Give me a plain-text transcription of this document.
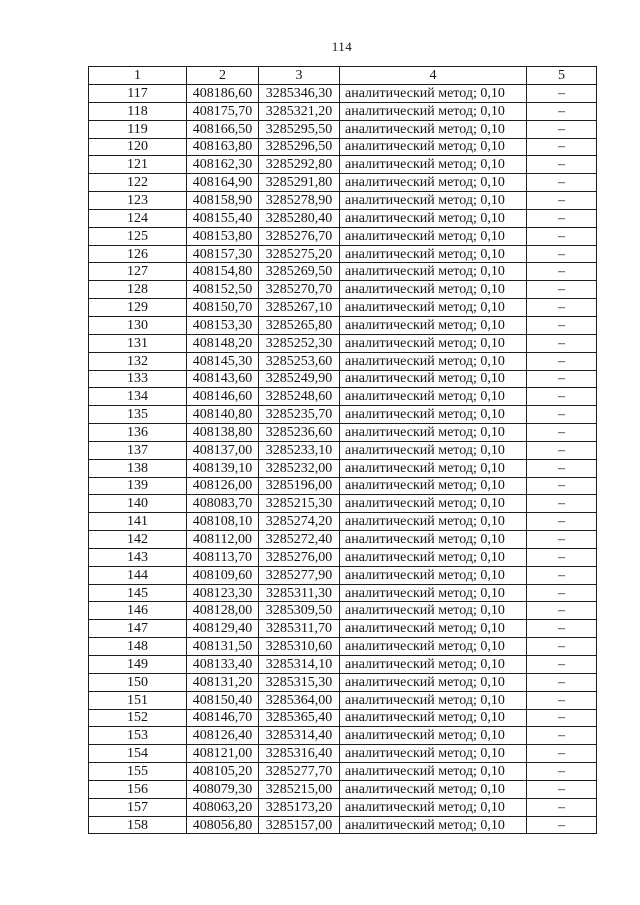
114
1	2	3	4	5
117	408186,60	3285346,30	аналитический метод; 0,10	–
118	408175,70	3285321,20	аналитический метод; 0,10	–
119	408166,50	3285295,50	аналитический метод; 0,10	–
120	408163,80	3285296,50	аналитический метод; 0,10	–
121	408162,30	3285292,80	аналитический метод; 0,10	–
122	408164,90	3285291,80	аналитический метод; 0,10	–
123	408158,90	3285278,90	аналитический метод; 0,10	–
124	408155,40	3285280,40	аналитический метод; 0,10	–
125	408153,80	3285276,70	аналитический метод; 0,10	–
126	408157,30	3285275,20	аналитический метод; 0,10	–
127	408154,80	3285269,50	аналитический метод; 0,10	–
128	408152,50	3285270,70	аналитический метод; 0,10	–
129	408150,70	3285267,10	аналитический метод; 0,10	–
130	408153,30	3285265,80	аналитический метод; 0,10	–
131	408148,20	3285252,30	аналитический метод; 0,10	–
132	408145,30	3285253,60	аналитический метод; 0,10	–
133	408143,60	3285249,90	аналитический метод; 0,10	–
134	408146,60	3285248,60	аналитический метод; 0,10	–
135	408140,80	3285235,70	аналитический метод; 0,10	–
136	408138,80	3285236,60	аналитический метод; 0,10	–
137	408137,00	3285233,10	аналитический метод; 0,10	–
138	408139,10	3285232,00	аналитический метод; 0,10	–
139	408126,00	3285196,00	аналитический метод; 0,10	–
140	408083,70	3285215,30	аналитический метод; 0,10	–
141	408108,10	3285274,20	аналитический метод; 0,10	–
142	408112,00	3285272,40	аналитический метод; 0,10	–
143	408113,70	3285276,00	аналитический метод; 0,10	–
144	408109,60	3285277,90	аналитический метод; 0,10	–
145	408123,30	3285311,30	аналитический метод; 0,10	–
146	408128,00	3285309,50	аналитический метод; 0,10	–
147	408129,40	3285311,70	аналитический метод; 0,10	–
148	408131,50	3285310,60	аналитический метод; 0,10	–
149	408133,40	3285314,10	аналитический метод; 0,10	–
150	408131,20	3285315,30	аналитический метод; 0,10	–
151	408150,40	3285364,00	аналитический метод; 0,10	–
152	408146,70	3285365,40	аналитический метод; 0,10	–
153	408126,40	3285314,40	аналитический метод; 0,10	–
154	408121,00	3285316,40	аналитический метод; 0,10	–
155	408105,20	3285277,70	аналитический метод; 0,10	–
156	408079,30	3285215,00	аналитический метод; 0,10	–
157	408063,20	3285173,20	аналитический метод; 0,10	–
158	408056,80	3285157,00	аналитический метод; 0,10	–
